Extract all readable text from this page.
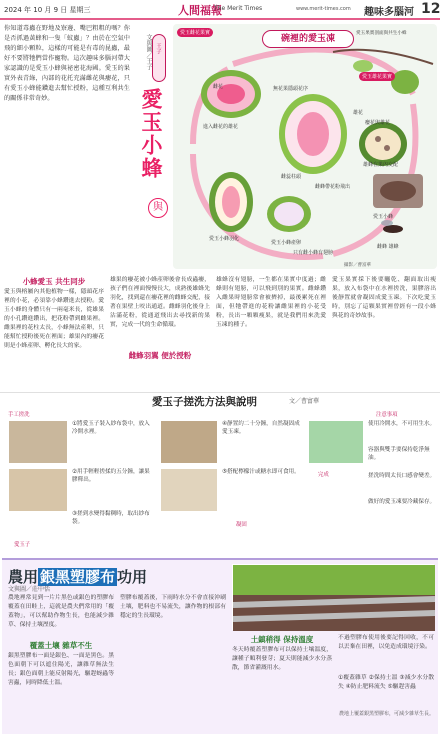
2024 年 10 月 9 日 星期三	人間福報
The Merit Times	www.merit-times.com 趣味多腦河 12
你知道毒蟲在野地及寮邊、嘴巴粗粗的嗎？你是否抓過黃蜂和一隻「蚊蟲」？由於在空氣中飛的細小顆粒，這樣的可能是有毒的昆蟲，最好不要將牠們當作寵物。這次趣味多腦河帶大家認識的是愛玉小蜂與祕密花海國。愛玉的果實外表青綠，內部的花托充滿雌花與癭花，只有愛玉小蜂能鑽進去幫忙授粉，這種互利共生的關係非常奇妙。
文與圖／王子 王子
愛玉小蜂
與
愛玉雌花果實
進入雌花的雄花
雌花	無花果隱頭花序
雌蕊柱頭
雄花
愛玉雄花果實
癭花與雄花
愛玉小蜂產卵
愛玉小蜂羽化
雄蜂在果內交配
雌蜂帶花粉飛出
只有雌小蜂有翅膀
愛玉小蜂
雌蜂 雄蜂
碗裡的愛玉凍
愛玉果實剖面與共生小蜂
攝影／曹富華
小蜂愛玉 共生同步
愛玉與榕屬內其他植物一樣，隱頭花序裡的小花，必須靠小蜂鑽進去授粉。愛玉小蜂的身體只有一兩毫米長，從雄果的小孔鑽進鑽出，把花粉帶到雌果裡。雌果裡的花柱太長，小蜂無法產卵，只能幫忙授粉後死在裡面；雄果內的癭花則是小蜂產卵、孵化長大的家。
雄果的癭花被小蜂產卵後會長成蟲癭，孩子們在裡面慢慢長大，成熟後雄蜂先羽化，找到還在癭花裡的雌蜂交配，接著在果壁上咬出通道。雌蜂羽化後身上沾滿花粉，從通道飛出去尋找新的果實，完成一代的生命循環。
雌蜂羽翼 便於授粉
雄蜂沒有翅膀，一生都在果實中度過；雌蜂則有翅膀，可以飛到別的果實。雌蜂鑽入雌果時翅膀常會被擠掉，最後累死在裡面，但牠帶進的花粉讓雌果裡的小花受粉，長出一顆顆瘦果，就是我們用來洗愛玉凍的種子。
愛玉果實採下後要曬乾、翻面取出瘦果，放入布袋中在水裡搓洗，果膠溶出後靜置就會凝固成愛玉凍。下次吃愛玉時，別忘了這顆果實裡曾經有一段小蜂與花的奇妙故事。
愛玉子搓洗方法與說明	文／曹富華
手工搓洗	注意事項
①將愛玉子裝入紗布袋中，放入冷開水裡。
②用手輕輕搓揉約五分鐘，讓果膠釋出。
③搓到水變得黏稠時，取出紗布袋。
④靜置約二十分鐘，自然凝固成愛玉凍。
⑤搭配檸檬汁或糖水即可食用。
凝固
完成
使用冷開水，不可用生水。
容器與雙手要保持乾淨無油。
搓洗時間太長口感會變差。
做好的愛玉凍要冷藏保存。
愛玉子
農用 銀黑塑膠布 功用
文與圖／莊中恬
農地裡常見到一片片黑色或銀色的塑膠布覆蓋在田畦上，這就是農夫們常用的「覆蓋物」，可以幫助作物生長，也能減少雜草、保持土壤溼度。
覆蓋土壤 雜草不生
銀黑塑膠布一面是銀色、一面是黑色。黑色面朝下可以遮住陽光，讓雜草無法生長；銀色面朝上能反射陽光，驅趕蚜蟲等害蟲，同時降低土溫。
塑膠布覆蓋後，下雨時水分不會直接沖刷土壤，肥料也不易流失，讓作物的根部有穩定的生長環境。
土鎮稍得 保持溫度
冬天時覆蓋塑膠布可以保持土壤溫度，讓種子順利發芽；夏天則能減少水分蒸散，節省灌溉用水。
不過塑膠布使用後要記得回收，不可以丟棄在田裡，以免造成環境汙染。
①覆蓋雜草 ②保持土溫 ③減少水分散失 ④防止肥料流失 ⑤驅趕害蟲
農地上覆蓋銀黑塑膠布，可減少雜草生長。
